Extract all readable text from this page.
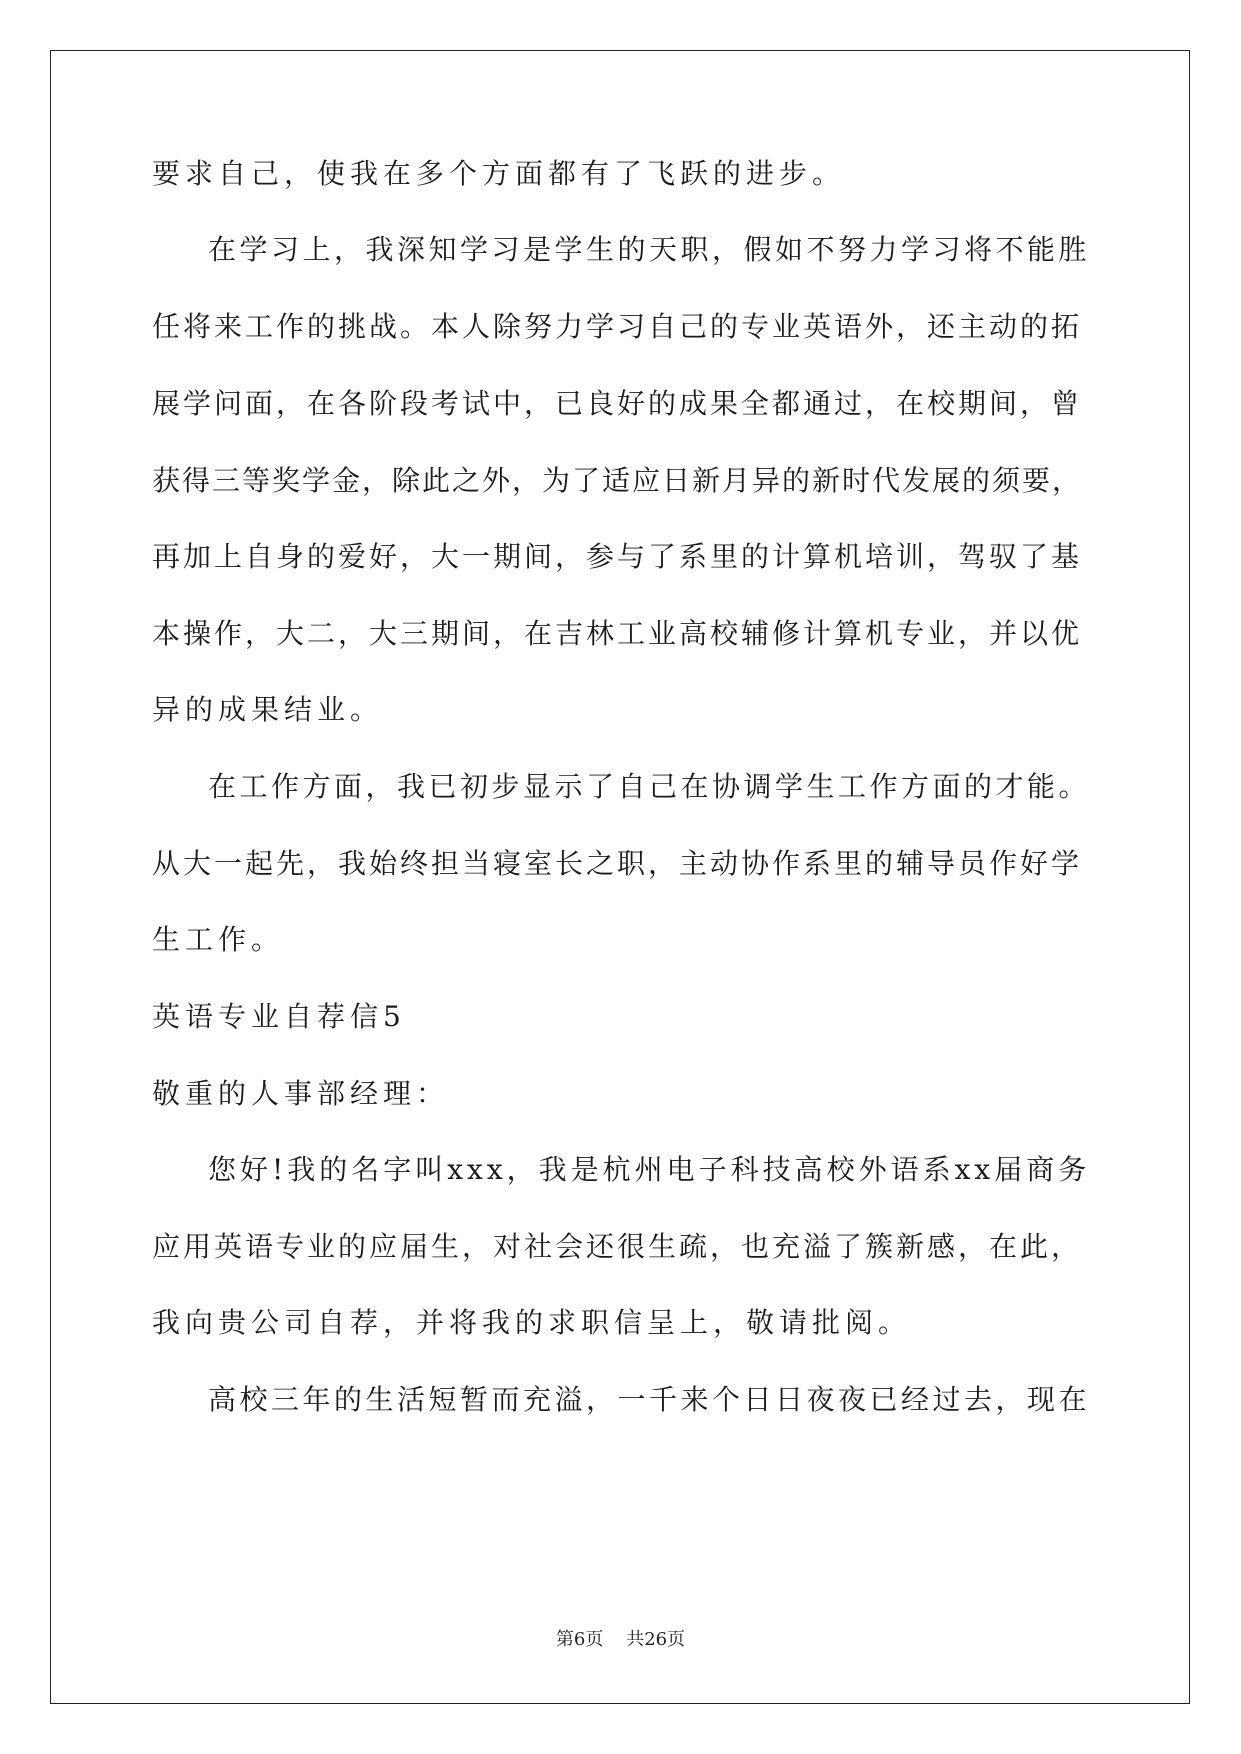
要求自己，使我在多个方面都有了飞跃的进步。
在学习上，我深知学习是学生的天职，假如不努力学习将不能胜
任将来工作的挑战。本人除努力学习自己的专业英语外，还主动的拓
展学问面，在各阶段考试中，已良好的成果全都通过，在校期间，曾
获得三等奖学金，除此之外，为了适应日新月异的新时代发展的须要，
再加上自身的爱好，大一期间，参与了系里的计算机培训，驾驭了基
本操作，大二，大三期间，在吉林工业高校辅修计算机专业，并以优
异的成果结业。
在工作方面，我已初步显示了自己在协调学生工作方面的才能。
从大一起先，我始终担当寝室长之职，主动协作系里的辅导员作好学
生工作。
英语专业自荐信5
敬重的人事部经理：
您好!我的名字叫xxx，我是杭州电子科技高校外语系xx届商务
应用英语专业的应届生，对社会还很生疏，也充溢了簇新感，在此，
我向贵公司自荐，并将我的求职信呈上，敬请批阅。
高校三年的生活短暂而充溢，一千来个日日夜夜已经过去，现在
第6页 共26页
